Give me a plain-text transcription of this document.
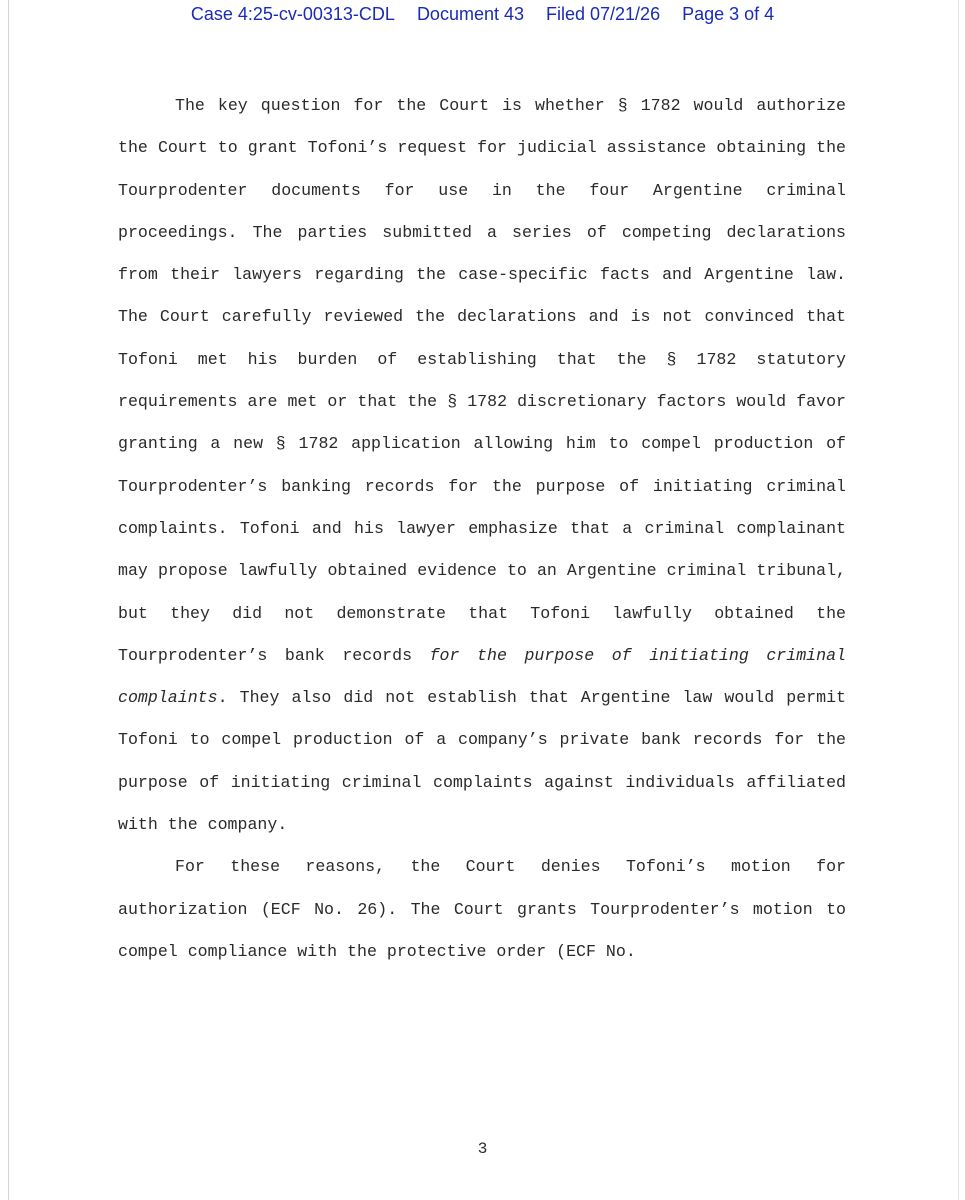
Case 4:25-cv-00313-CDL Document 43 Filed 07/21/26 Page 3 of 4

The key question for the Court is whether § 1782 would authorize the Court to grant Tofoni’s request for judicial assistance obtaining the Tourprodenter documents for use in the four Argentine criminal proceedings. The parties submitted a series of competing declarations from their lawyers regarding the case-specific facts and Argentine law. The Court carefully reviewed the declarations and is not convinced that Tofoni met his burden of establishing that the § 1782 statutory requirements are met or that the § 1782 discretionary factors would favor granting a new § 1782 application allowing him to compel production of Tourprodenter’s banking records for the purpose of initiating criminal complaints. Tofoni and his lawyer emphasize that a criminal complainant may propose lawfully obtained evidence to an Argentine criminal tribunal, but they did not demonstrate that Tofoni lawfully obtained the Tourprodenter’s bank records for the purpose of initiating criminal complaints. They also did not establish that Argentine law would permit Tofoni to compel production of a company’s private bank records for the purpose of initiating criminal complaints against individuals affiliated with the company.

For these reasons, the Court denies Tofoni’s motion for authorization (ECF No. 26). The Court grants Tourprodenter’s motion to compel compliance with the protective order (ECF No.

3
